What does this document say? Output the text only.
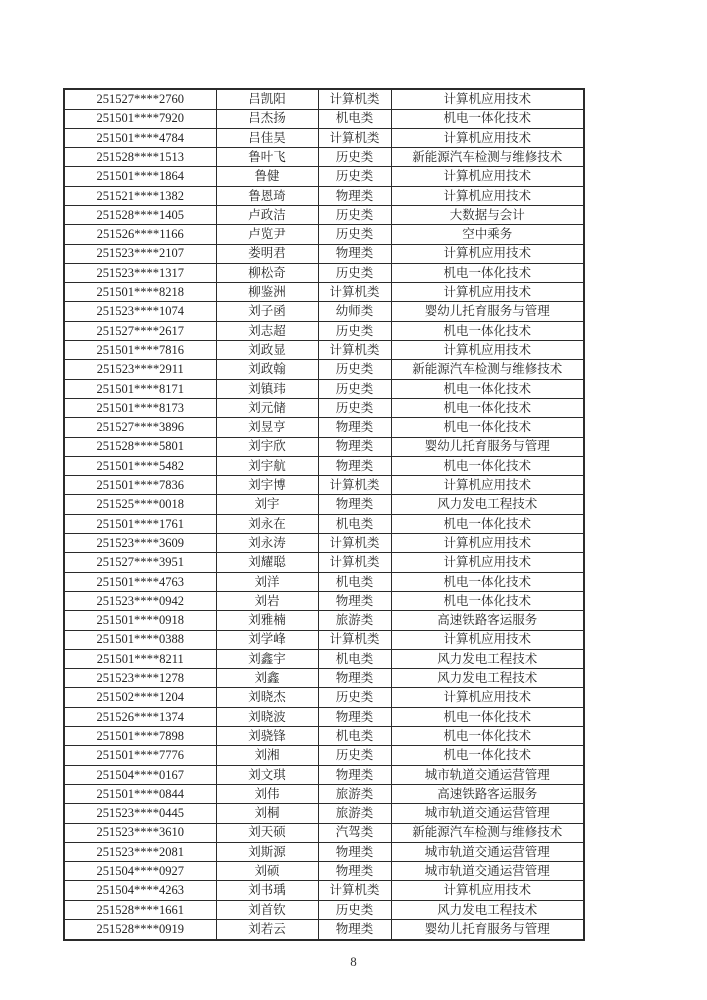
251527****2760	吕凯阳	计算机类	计算机应用技术
251501****7920	吕杰扬	机电类	机电一体化技术
251501****4784	吕佳昊	计算机类	计算机应用技术
251528****1513	鲁叶飞	历史类	新能源汽车检测与维修技术
251501****1864	鲁健	历史类	计算机应用技术
251521****1382	鲁恩琦	物理类	计算机应用技术
251528****1405	卢政洁	历史类	大数据与会计
251526****1166	卢览尹	历史类	空中乘务
251523****2107	娄明君	物理类	计算机应用技术
251523****1317	柳松奇	历史类	机电一体化技术
251501****8218	柳鉴洲	计算机类	计算机应用技术
251523****1074	刘子函	幼师类	婴幼儿托育服务与管理
251527****2617	刘志超	历史类	机电一体化技术
251501****7816	刘政显	计算机类	计算机应用技术
251523****2911	刘政翰	历史类	新能源汽车检测与维修技术
251501****8171	刘镇玮	历史类	机电一体化技术
251501****8173	刘元储	历史类	机电一体化技术
251527****3896	刘昱亨	物理类	机电一体化技术
251528****5801	刘宇欣	物理类	婴幼儿托育服务与管理
251501****5482	刘宇航	物理类	机电一体化技术
251501****7836	刘宇博	计算机类	计算机应用技术
251525****0018	刘宇	物理类	风力发电工程技术
251501****1761	刘永在	机电类	机电一体化技术
251523****3609	刘永涛	计算机类	计算机应用技术
251527****3951	刘耀聪	计算机类	计算机应用技术
251501****4763	刘洋	机电类	机电一体化技术
251523****0942	刘岩	物理类	机电一体化技术
251501****0918	刘雅楠	旅游类	高速铁路客运服务
251501****0388	刘学峰	计算机类	计算机应用技术
251501****8211	刘鑫宇	机电类	风力发电工程技术
251523****1278	刘鑫	物理类	风力发电工程技术
251502****1204	刘晓杰	历史类	计算机应用技术
251526****1374	刘晓波	物理类	机电一体化技术
251501****7898	刘骁锋	机电类	机电一体化技术
251501****7776	刘湘	历史类	机电一体化技术
251504****0167	刘文琪	物理类	城市轨道交通运营管理
251501****0844	刘伟	旅游类	高速铁路客运服务
251523****0445	刘桐	旅游类	城市轨道交通运营管理
251523****3610	刘天硕	汽驾类	新能源汽车检测与维修技术
251523****2081	刘斯源	物理类	城市轨道交通运营管理
251504****0927	刘硕	物理类	城市轨道交通运营管理
251504****4263	刘书瑀	计算机类	计算机应用技术
251528****1661	刘首钦	历史类	风力发电工程技术
251528****0919	刘若云	物理类	婴幼儿托育服务与管理
8
